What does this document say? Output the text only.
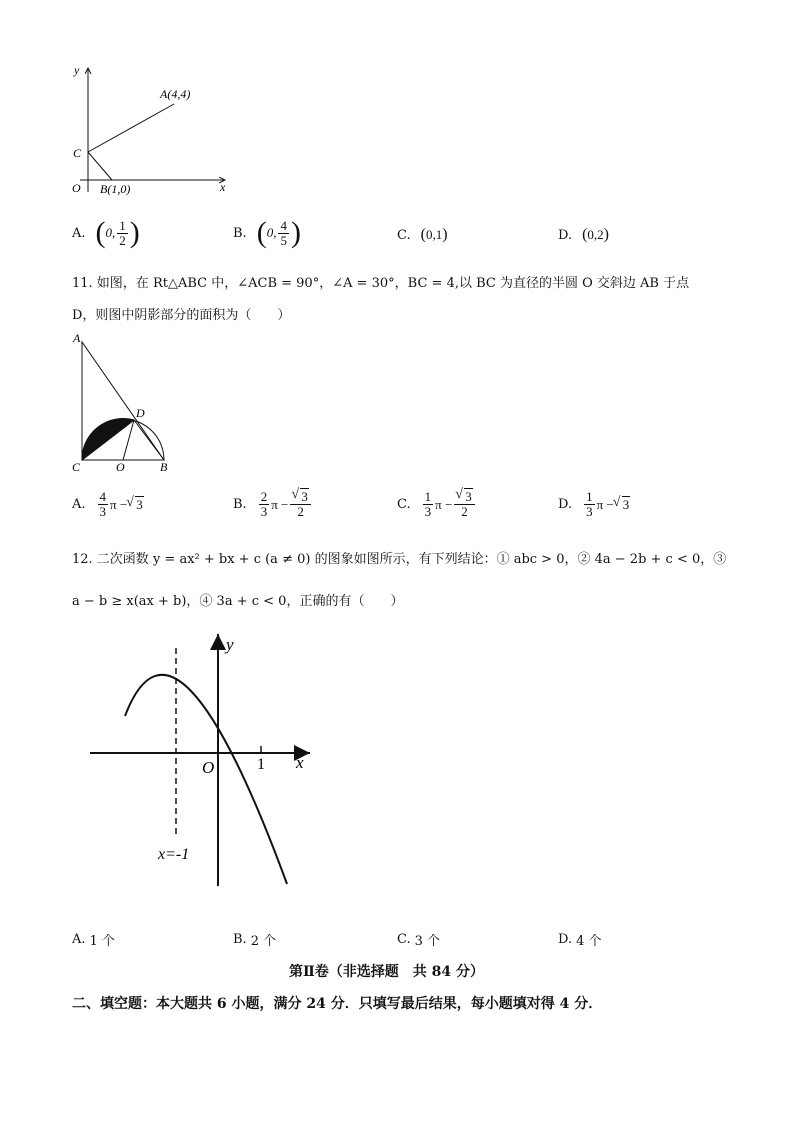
y
x
O
A(4,4)
C
B(1,0)
A. ( 0, $\frac{1}{2}$ )	B. ( 0, $\frac{4}{5}$ )	C. ( 0,1 )	D. ( 0,2 )
11. 如图，在 Rt△ABC 中，∠ACB = 90°，∠A = 30°，BC = 4,以 BC 为直径的半圆 O 交斜边 AB 于点
D，则图中阴影部分的面积为（　　）
A
D
C	O	B
A. $\frac{4}{3}$ π − √ 3	B. $\frac{2}{3}$ π − √ $\frac{3}{2}$	C. $\frac{1}{3}$ π − √ $\frac{3}{2}$	D. $\frac{1}{3}$ π − √ 3
12. 二次函数 y = ax² + bx + c (a ≠ 0) 的图象如图所示，有下列结论：① abc > 0，② 4a − 2b + c < 0，③
a − b ≥ x(ax + b)，④ 3a + c < 0，正确的有（　　）
y
x
O	1
x=-1
A. 1 个	B. 2 个	C. 3 个	D. 4 个
第Ⅱ卷（非选择题　共 84 分）
二、填空题：本大题共 6 小题，满分 24 分．只填写最后结果，每小题填对得 4 分．
